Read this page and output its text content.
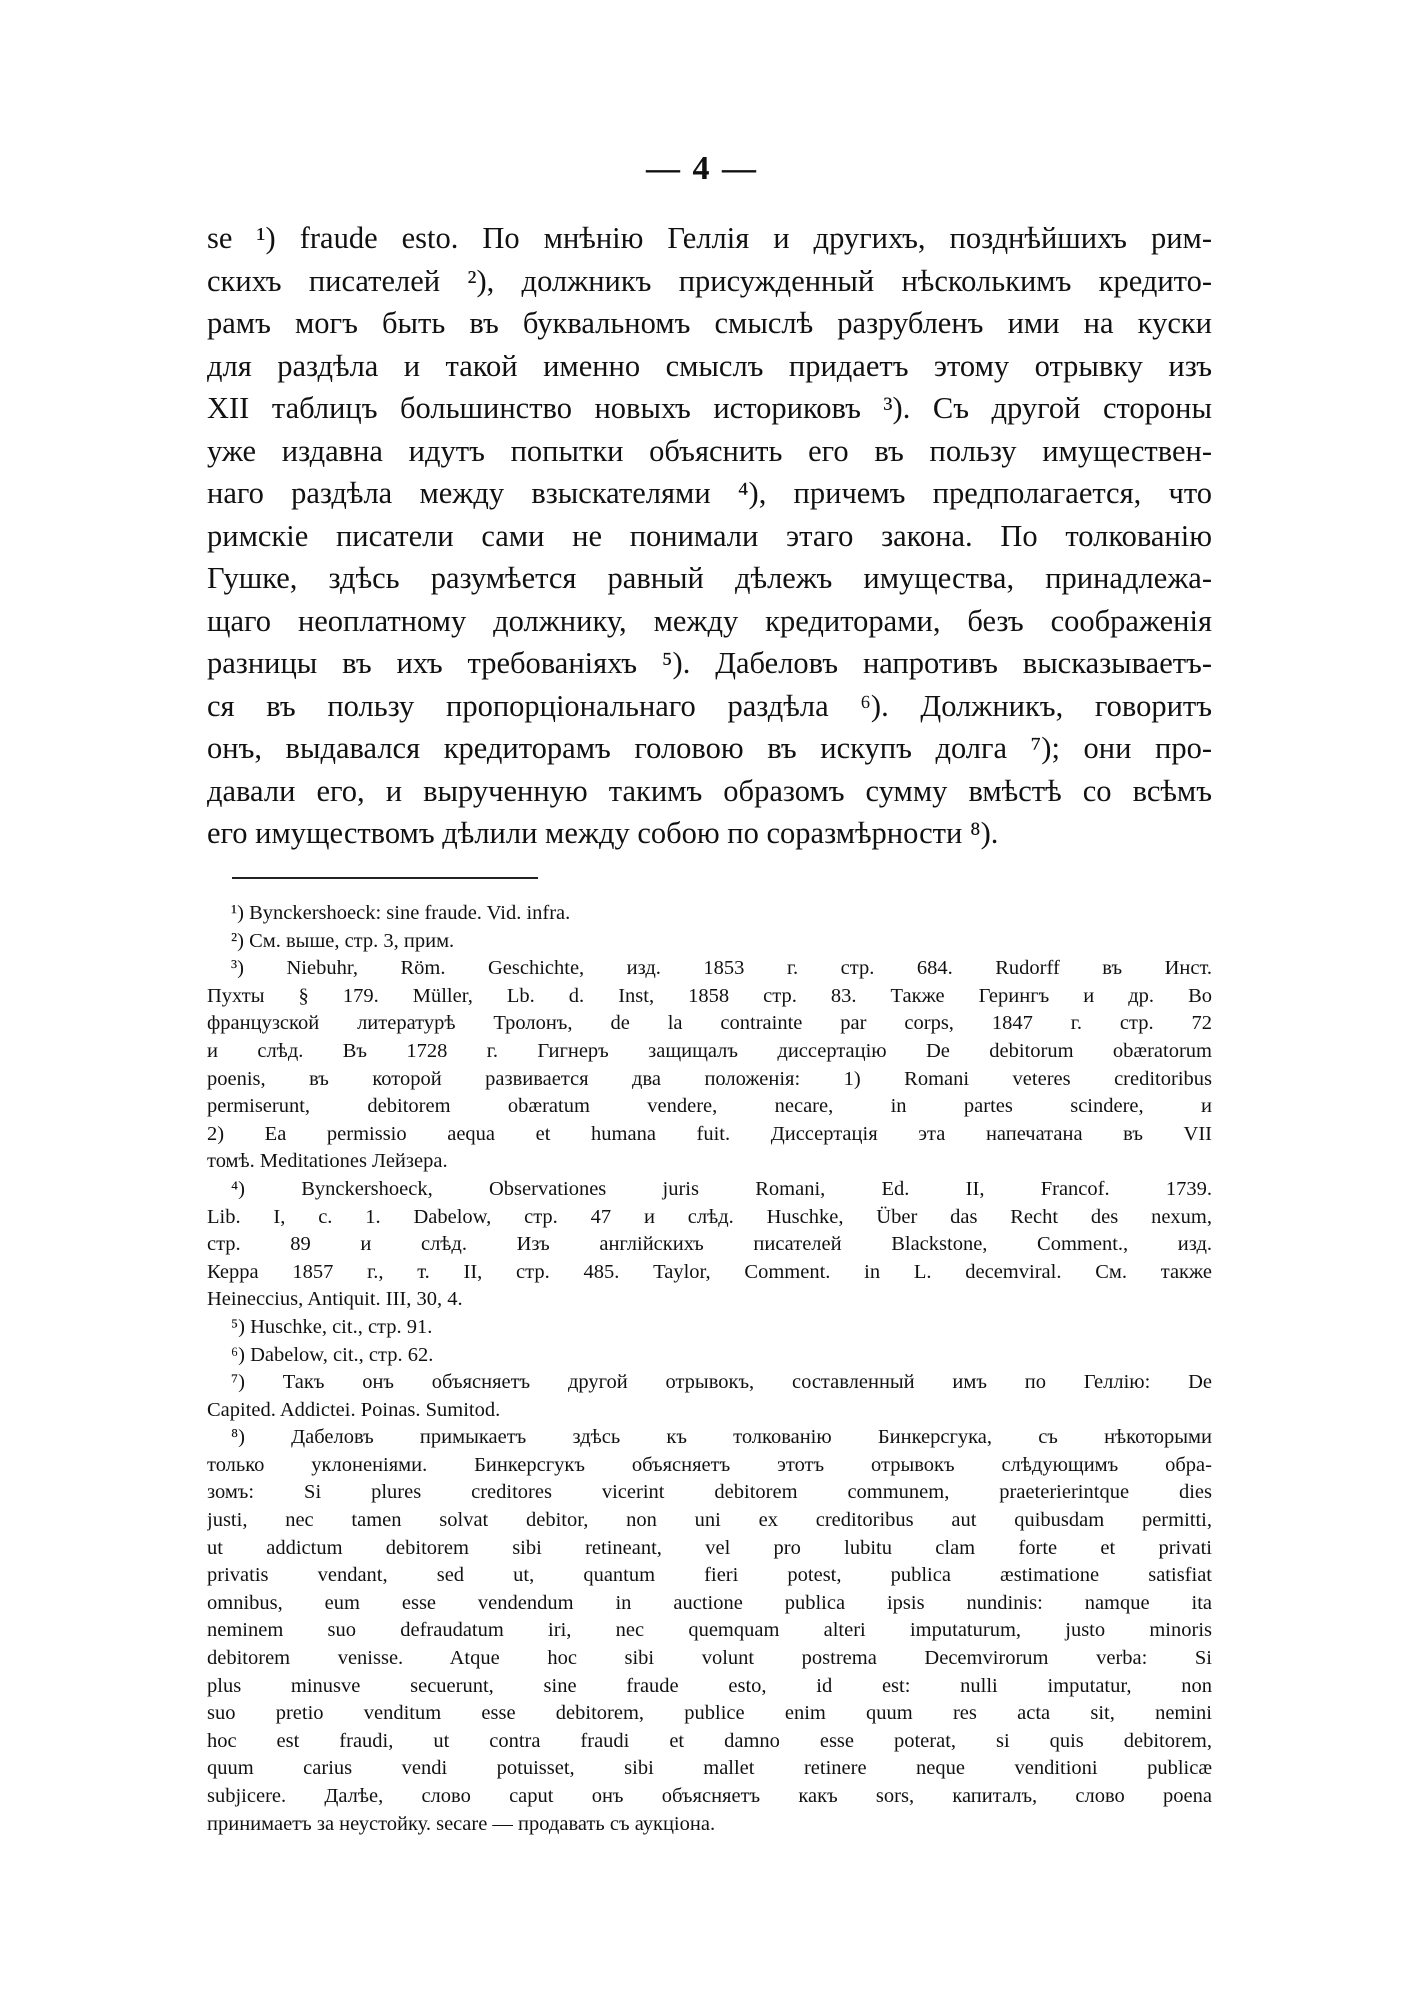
— 4 —
se ¹) fraude esto. По мнѣнію Геллія и другихъ, позднѣйшихъ рим-
скихъ писателей ²), должникъ присужденный нѣсколькимъ кредито-
рамъ могъ быть въ буквальномъ смыслѣ разрубленъ ими на куски
для раздѣла и такой именно смыслъ придаетъ этому отрывку изъ
XII таблицъ большинство новыхъ историковъ ³). Съ другой стороны
уже издавна идутъ попытки объяснить его въ пользу имуществен-
наго раздѣла между взыскателями ⁴), причемъ предполагается, что
римскіе писатели сами не понимали этаго закона. По толкованію
Гушке, здѣсь разумѣется равный дѣлежъ имущества, принадлежа-
щаго неоплатному должнику, между кредиторами, безъ соображенія
разницы въ ихъ требованіяхъ ⁵). Дабеловъ напротивъ высказываетъ-
ся въ пользу пропорціональнаго раздѣла ⁶). Должникъ, говоритъ
онъ, выдавался кредиторамъ головою въ искупъ долга ⁷); они про-
давали его, и вырученную такимъ образомъ сумму вмѣстѣ со всѣмъ
его имуществомъ дѣлили между собою по соразмѣрности ⁸).
¹) Bynckershoeck: sine fraude. Vid. infra.
²) См. выше, стр. 3, прим.
³) Niebuhr, Röm. Geschichte, изд. 1853 г. стр. 684. Rudorff въ Инст.
Пухты § 179. Müller, Lb. d. Inst, 1858 стр. 83. Также Герингъ и др. Во
французской литературѣ Тролонъ, de la contrainte par corps, 1847 г. стр. 72
и слѣд. Въ 1728 г. Гигнеръ защищалъ диссертацію De debitorum obæratorum
poenis, въ которой развивается два положенія: 1) Romani veteres creditoribus
permiserunt, debitorem obæratum vendere, necare, in partes scindere, и
2) Ea permissio aequa et humana fuit. Диссертація эта напечатана въ VII
томѣ. Meditationes Лейзера.
⁴) Bynckershoeck, Observationes juris Romani, Ed. II, Francof. 1739.
Lib. I, c. 1. Dabelow, стр. 47 и слѣд. Huschke, Über das Recht des nexum,
стр. 89 и слѣд. Изъ англійскихъ писателей Blackstone, Comment., изд.
Керра 1857 г., т. II, стр. 485. Taylor, Comment. in L. decemviral. См. также
Heineccius, Antiquit. III, 30, 4.
⁵) Huschke, cit., стр. 91.
⁶) Dabelow, cit., стр. 62.
⁷) Такъ онъ объясняетъ другой отрывокъ, составленный имъ по Геллію: De
Capited. Addictei. Poinas. Sumitod.
⁸) Дабеловъ примыкаетъ здѣсь къ толкованію Бинкерсгука, съ нѣкоторыми
только уклоненіями. Бинкерсгукъ объясняетъ этотъ отрывокъ слѣдующимъ обра-
зомъ: Si plures creditores vicerint debitorem communem, praeterierintque dies
justi, nec tamen solvat debitor, non uni ex creditoribus aut quibusdam permitti,
ut addictum debitorem sibi retineant, vel pro lubitu clam forte et privati
privatis vendant, sed ut, quantum fieri potest, publica æstimatione satisfiat
omnibus, eum esse vendendum in auctione publica ipsis nundinis: namque ita
neminem suo defraudatum iri, nec quemquam alteri imputaturum, justo minoris
debitorem venisse. Atque hoc sibi volunt postrema Decemvirorum verba: Si
plus minusve secuerunt, sine fraude esto, id est: nulli imputatur, non
suo pretio venditum esse debitorem, publice enim quum res acta sit, nemini
hoc est fraudi, ut contra fraudi et damno esse poterat, si quis debitorem,
quum carius vendi potuisset, sibi mallet retinere neque venditioni publicæ
subjicere. Далѣе, слово caput онъ объясняетъ какъ sors, капиталъ, слово poena
принимаетъ за неустойку. secare — продавать съ аукціона.
